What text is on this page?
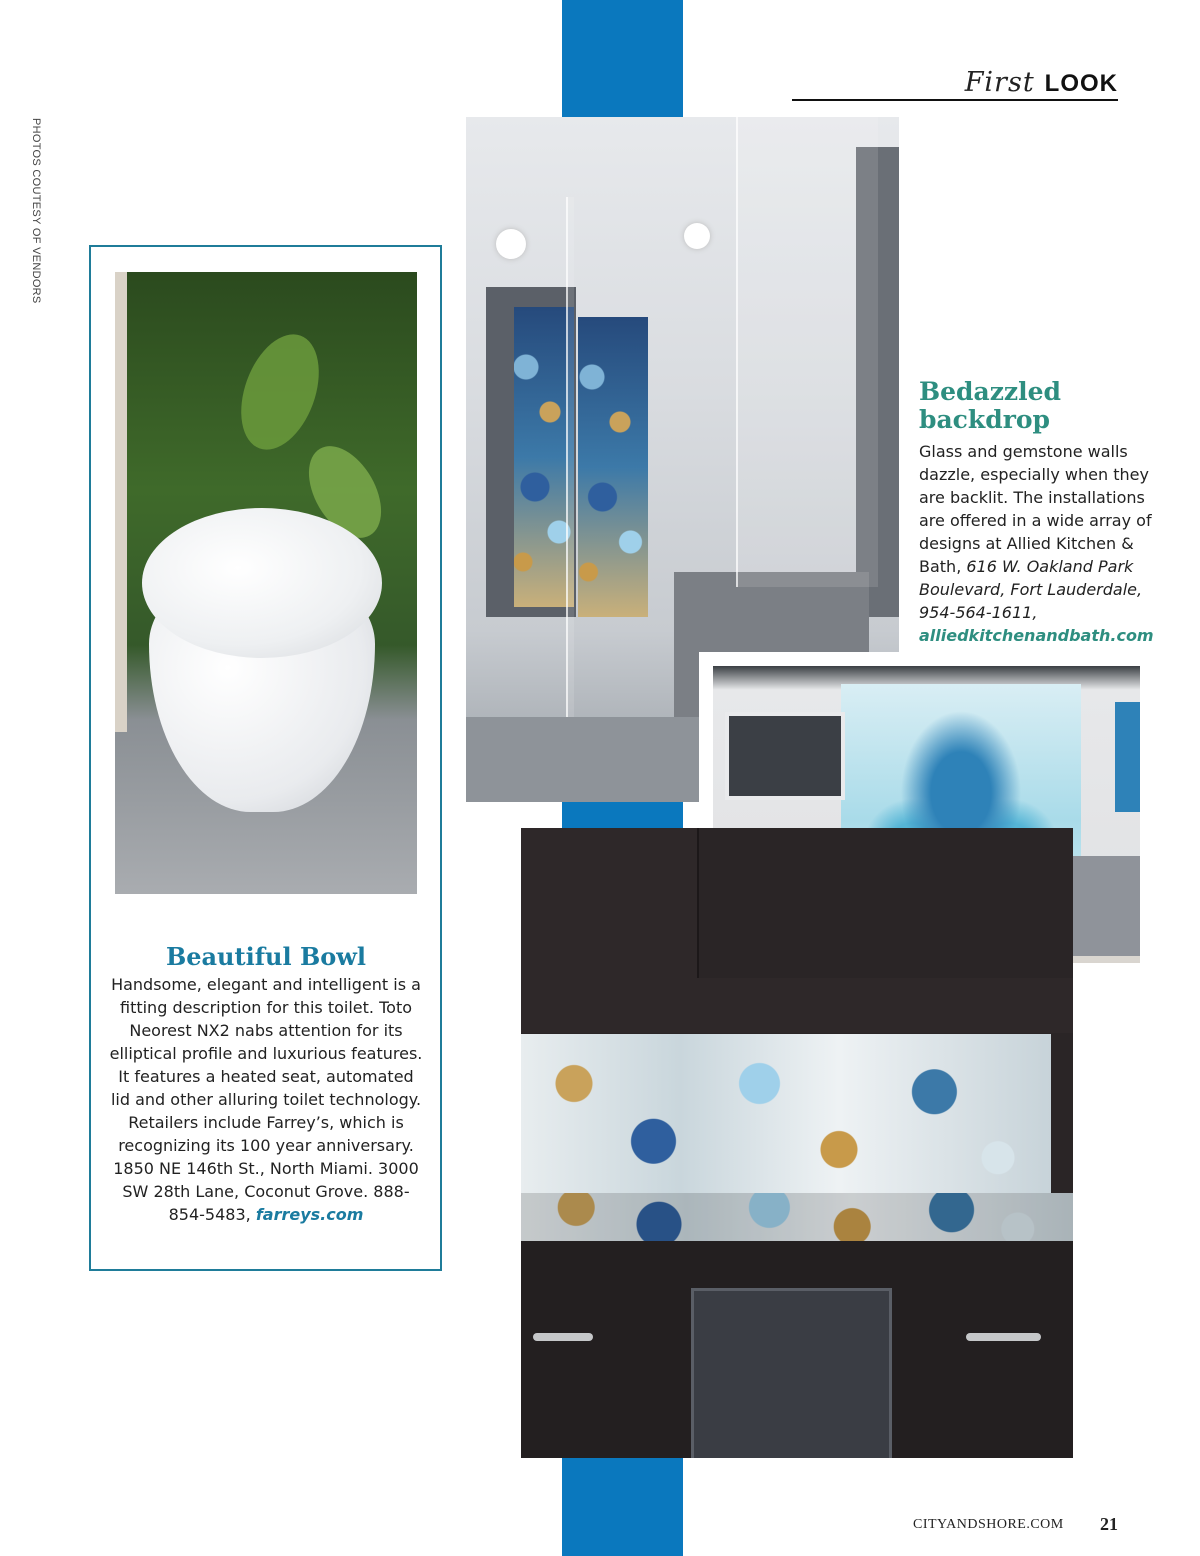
First LOOK
PHOTOS COUTESY OF VENDORS
Beautiful Bowl
Handsome, elegant and intelligent is a fitting description for this toilet. Toto Neorest NX2 nabs attention for its elliptical profile and luxurious features. It features a heated seat, automated lid and other alluring toilet technology. Retailers include Farrey’s, which is recognizing its 100 year anniversary. 1850 NE 146th St., North Miami. 3000 SW 28th Lane, Coconut Grove. 888-854-5483, farreys.com
Bedazzled backdrop
Glass and gemstone walls dazzle, especially when they are backlit. The installations are offered in a wide array of designs at Allied Kitchen & Bath, 616 W. Oakland Park Boulevard, Fort Lauderdale, 954-564-1611, alliedkitchenandbath.com
CITYANDSHORE.COM 21
